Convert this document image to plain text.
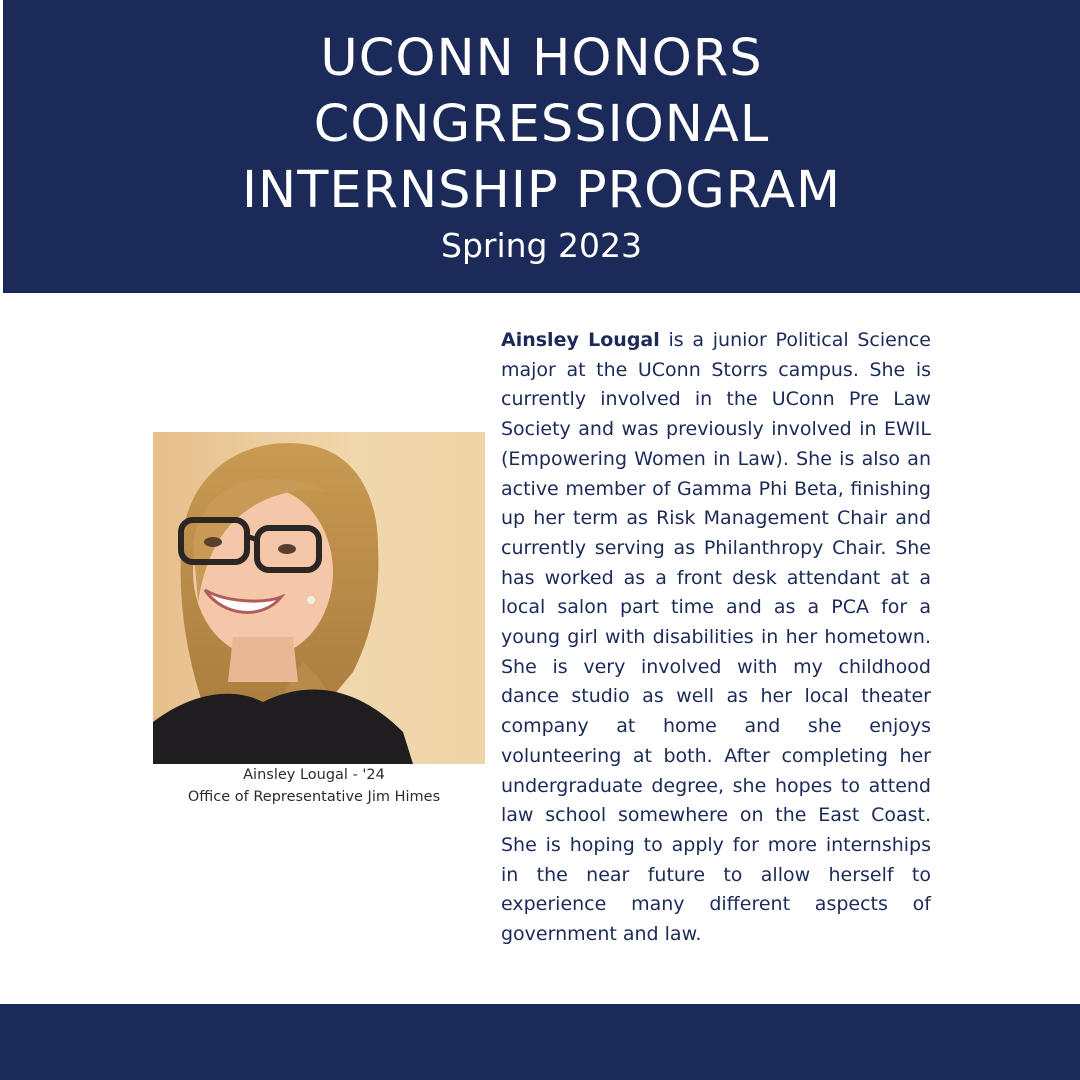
UCONN HONORS
CONGRESSIONAL
INTERNSHIP PROGRAM
Spring 2023
Ainsley Lougal - '24
Office of Representative Jim Himes
Ainsley Lougal is a junior Political Science major at the UConn Storrs campus. She is currently involved in the UConn Pre Law Society and was previously involved in EWIL (Empowering Women in Law). She is also an active member of Gamma Phi Beta, finishing up her term as Risk Management Chair and currently serving as Philanthropy Chair. She has worked as a front desk attendant at a local salon part time and as a PCA for a young girl with disabilities in her hometown. She is very involved with my childhood dance studio as well as her local theater company at home and she enjoys volunteering at both. After completing her undergraduate degree, she hopes to attend law school somewhere on the East Coast. She is hoping to apply for more internships in the near future to allow herself to experience many different aspects of government and law.
